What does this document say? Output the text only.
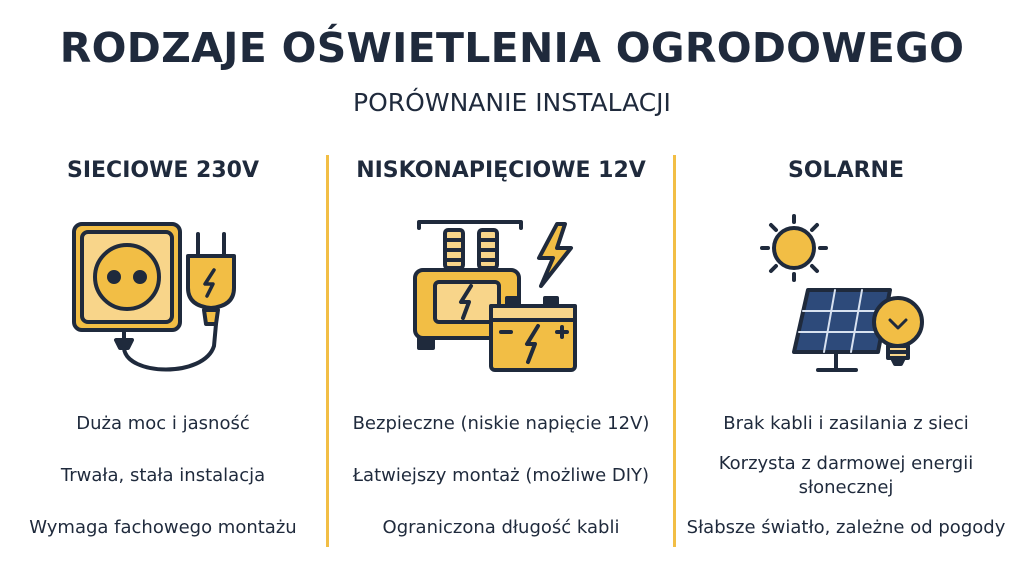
RODZAJE OŚWIETLENIA OGRODOWEGO
PORÓWNANIE INSTALACJI
SIECIOWE 230V
Duża moc i jasność
Trwała, stała instalacja
Wymaga fachowego montażu
NISKONAPIĘCIOWE 12V
Bezpieczne (niskie napięcie 12V)
Łatwiejszy montaż (możliwe DIY)
Ograniczona długość kabli
SOLARNE
Brak kabli i zasilania z sieci
Korzysta z darmowej energii słonecznej
Słabsze światło, zależne od pogody
